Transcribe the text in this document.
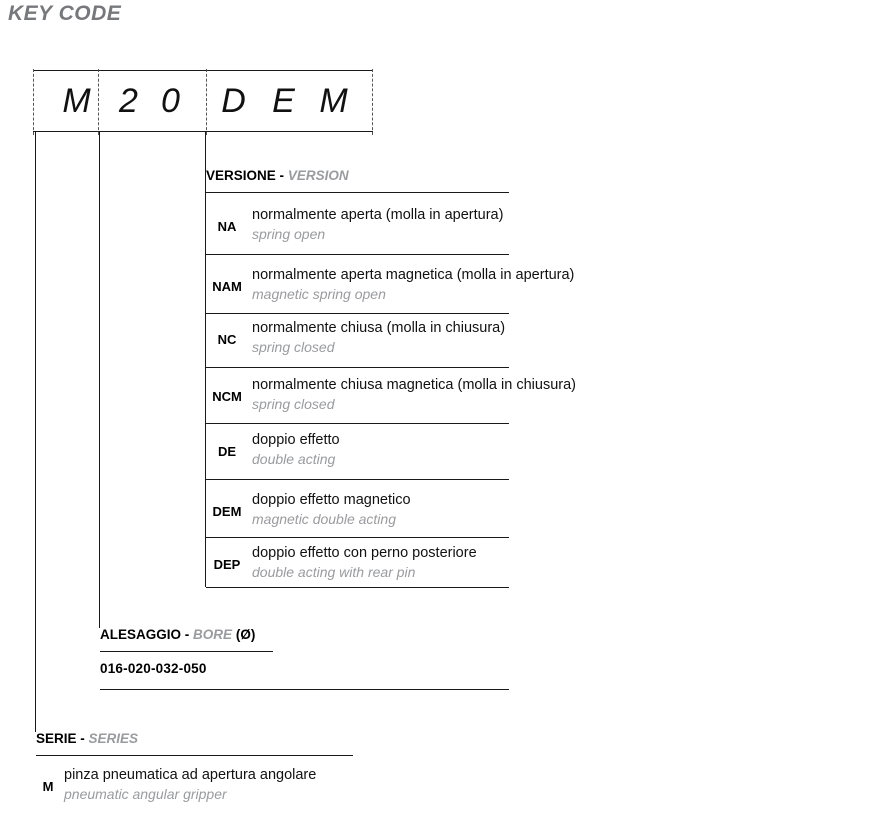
KEY CODE
M 2 0 D E M
VERSIONE - VERSION
NA
normalmente aperta (molla in apertura)
spring open
NAM
normalmente aperta magnetica (molla in apertura)
magnetic spring open
NC
normalmente chiusa (molla in chiusura)
spring closed
NCM
normalmente chiusa magnetica (molla in chiusura)
spring closed
DE
doppio effetto
double acting
DEM
doppio effetto magnetico
magnetic double acting
DEP
doppio effetto con perno posteriore
double acting with rear pin
ALESAGGIO - BORE (Ø)
016-020-032-050
SERIE - SERIES
M
pinza pneumatica ad apertura angolare
pneumatic angular gripper
